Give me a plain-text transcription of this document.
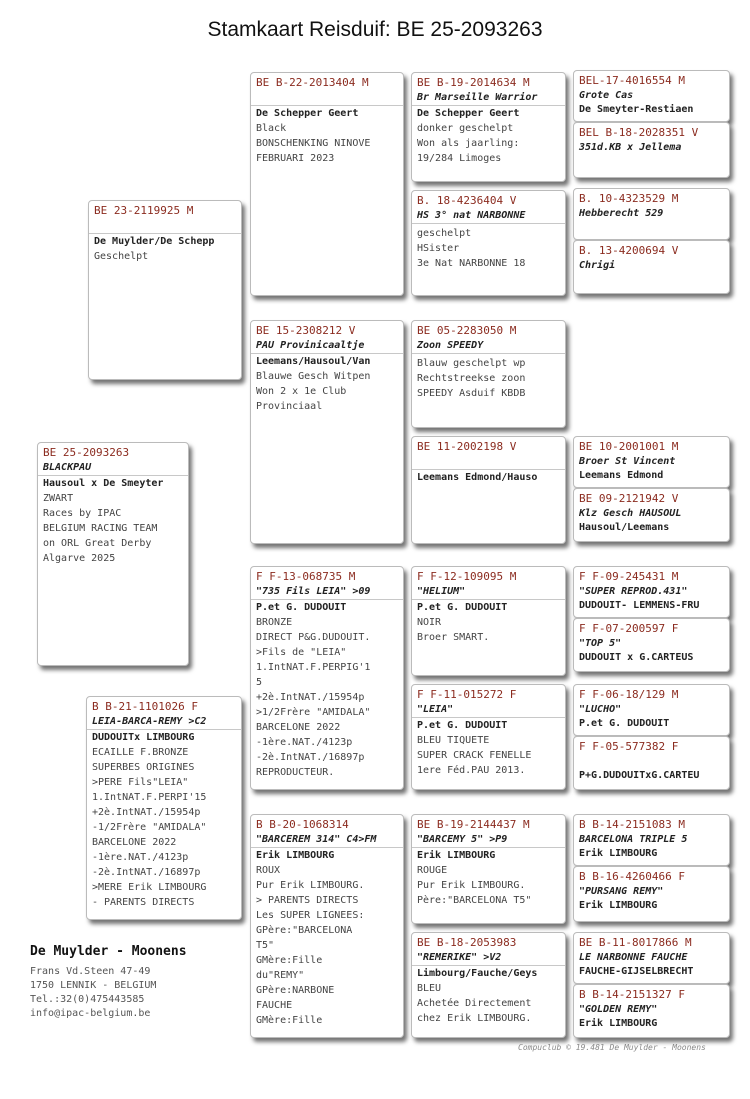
Stamkaart Reisduif: BE 25-2093263
BE 25-2093263
BLACKPAU
Hausoul x De Smeyter
ZWART
Races by IPAC
BELGIUM RACING TEAM
on ORL Great Derby
Algarve 2025
BE 23-2119925 M
De Muylder/De Schepp
Geschelpt
B B-21-1101026 F
LEIA-BARCA-REMY >C2
DUDOUITx LIMBOURG
ECAILLE F.BRONZE
SUPERBES ORIGINES
>PERE Fils"LEIA"
1.IntNAT.F.PERPI'15
+2è.IntNAT./15954p
-1/2Frère "AMIDALA"
BARCELONE 2022
-1ère.NAT./4123p
-2è.IntNAT./16897p
>MERE Erik LIMBOURG
- PARENTS DIRECTS
BE B-22-2013404 M
De Schepper Geert
Black
BONSCHENKING NINOVE
FEBRUARI 2023
BE 15-2308212 V
PAU Provinicaaltje
Leemans/Hausoul/Van
Blauwe Gesch Witpen
Won 2 x 1e Club
Provinciaal
F F-13-068735 M
"735 Fils LEIA" >09
P.et G. DUDOUIT
BRONZE
DIRECT P&G.DUDOUIT.
>Fils de "LEIA"
1.IntNAT.F.PERPIG'1
5
+2è.IntNAT./15954p
>1/2Frère "AMIDALA"
BARCELONE 2022
-1ère.NAT./4123p
-2è.IntNAT./16897p
REPRODUCTEUR.
B B-20-1068314
"BARCEREM 314" C4>FM
Erik LIMBOURG
ROUX
Pur Erik LIMBOURG.
> PARENTS DIRECTS
Les SUPER LIGNEES:
GPère:"BARCELONA
T5"
GMère:Fille
du"REMY"
GPère:NARBONE
FAUCHE
GMère:Fille
BE B-19-2014634 M
Br Marseille Warrior
De Schepper Geert
donker geschelpt
Won als jaarling:
19/284 Limoges
B. 18-4236404 V
HS 3° nat NARBONNE
geschelpt
HSister
3e Nat NARBONNE 18
BE 05-2283050 M
Zoon SPEEDY
Blauw geschelpt wp
Rechtstreekse zoon
SPEEDY Asduif KBDB
BE 11-2002198 V
Leemans Edmond/Hauso
F F-12-109095 M
"HELIUM"
P.et G. DUDOUIT
NOIR
Broer SMART.
F F-11-015272 F
"LEIA"
P.et G. DUDOUIT
BLEU TIQUETE
SUPER CRACK FENELLE
1ere Féd.PAU 2013.
BE B-19-2144437 M
"BARCEMY 5" >P9
Erik LIMBOURG
ROUGE
Pur Erik LIMBOURG.
Père:"BARCELONA T5"
BE B-18-2053983
"REMERIKE" >V2
Limbourg/Fauche/Geys
BLEU
Achetée Directement
chez Erik LIMBOURG.
BEL-17-4016554 M
Grote Cas
De Smeyter-Restiaen
BEL B-18-2028351 V
351d.KB x Jellema
B. 10-4323529 M
Hebberecht 529
B. 13-4200694 V
Chrigi
BE 10-2001001 M
Broer St Vincent
Leemans Edmond
BE 09-2121942 V
Klz Gesch HAUSOUL
Hausoul/Leemans
F F-09-245431 M
"SUPER REPROD.431"
DUDOUIT- LEMMENS-FRU
F F-07-200597 F
"TOP 5"
DUDOUIT x G.CARTEUS
F F-06-18/129 M
"LUCHO"
P.et G. DUDOUIT
F F-05-577382 F
P+G.DUDOUITxG.CARTEU
B B-14-2151083 M
BARCELONA TRIPLE 5
Erik LIMBOURG
B B-16-4260466 F
"PURSANG REMY"
Erik LIMBOURG
BE B-11-8017866 M
LE NARBONNE FAUCHE
FAUCHE-GIJSELBRECHT
B B-14-2151327 F
"GOLDEN REMY"
Erik LIMBOURG
De Muylder - Moonens
Frans Vd.Steen 47-49
1750 LENNIK - BELGIUM
Tel.:32(0)475443585
info@ipac-belgium.be
Compuclub © 19.481 De Muylder - Moonens
